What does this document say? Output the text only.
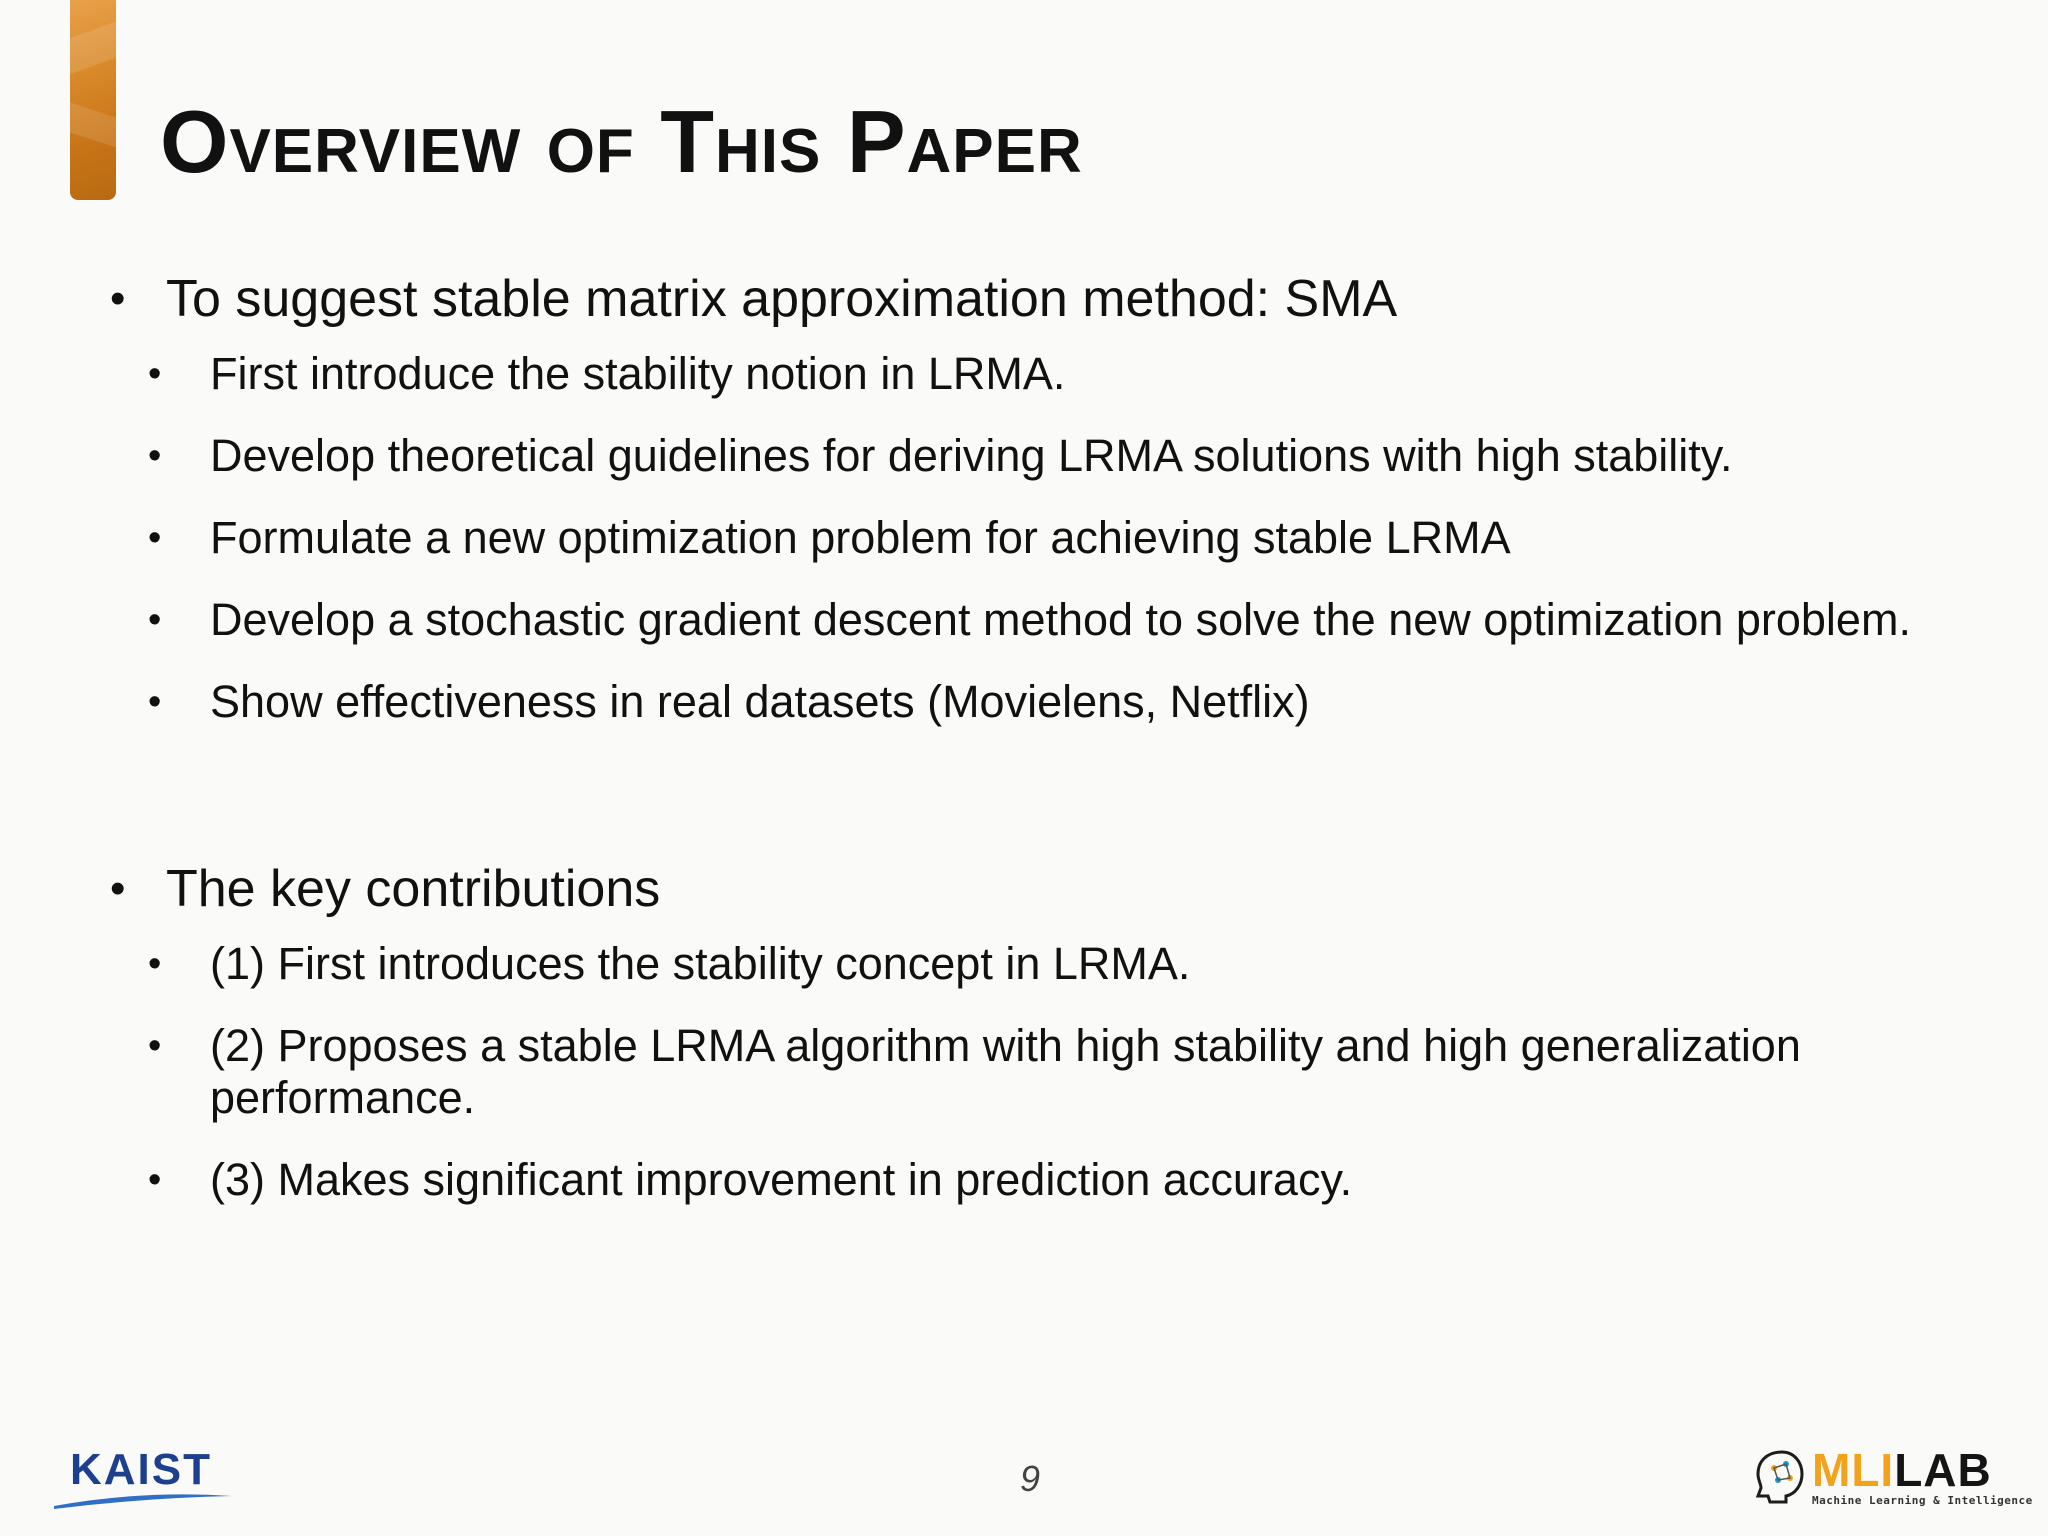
Overview of This Paper
• To suggest stable matrix approximation method: SMA
• First introduce the stability notion in LRMA.
• Develop theoretical guidelines for deriving LRMA solutions with high stability.
• Formulate a new optimization problem for achieving stable LRMA
• Develop a stochastic gradient descent method to solve the new optimization problem.
• Show effectiveness in real datasets (Movielens, Netflix)
• The key contributions
• (1) First introduces the stability concept in LRMA.
• (2) Proposes a stable LRMA algorithm with high stability and high generalization performance.
• (3) Makes significant improvement in prediction accuracy.
KAIST	9	MLILAB
Machine Learning & Intelligence
